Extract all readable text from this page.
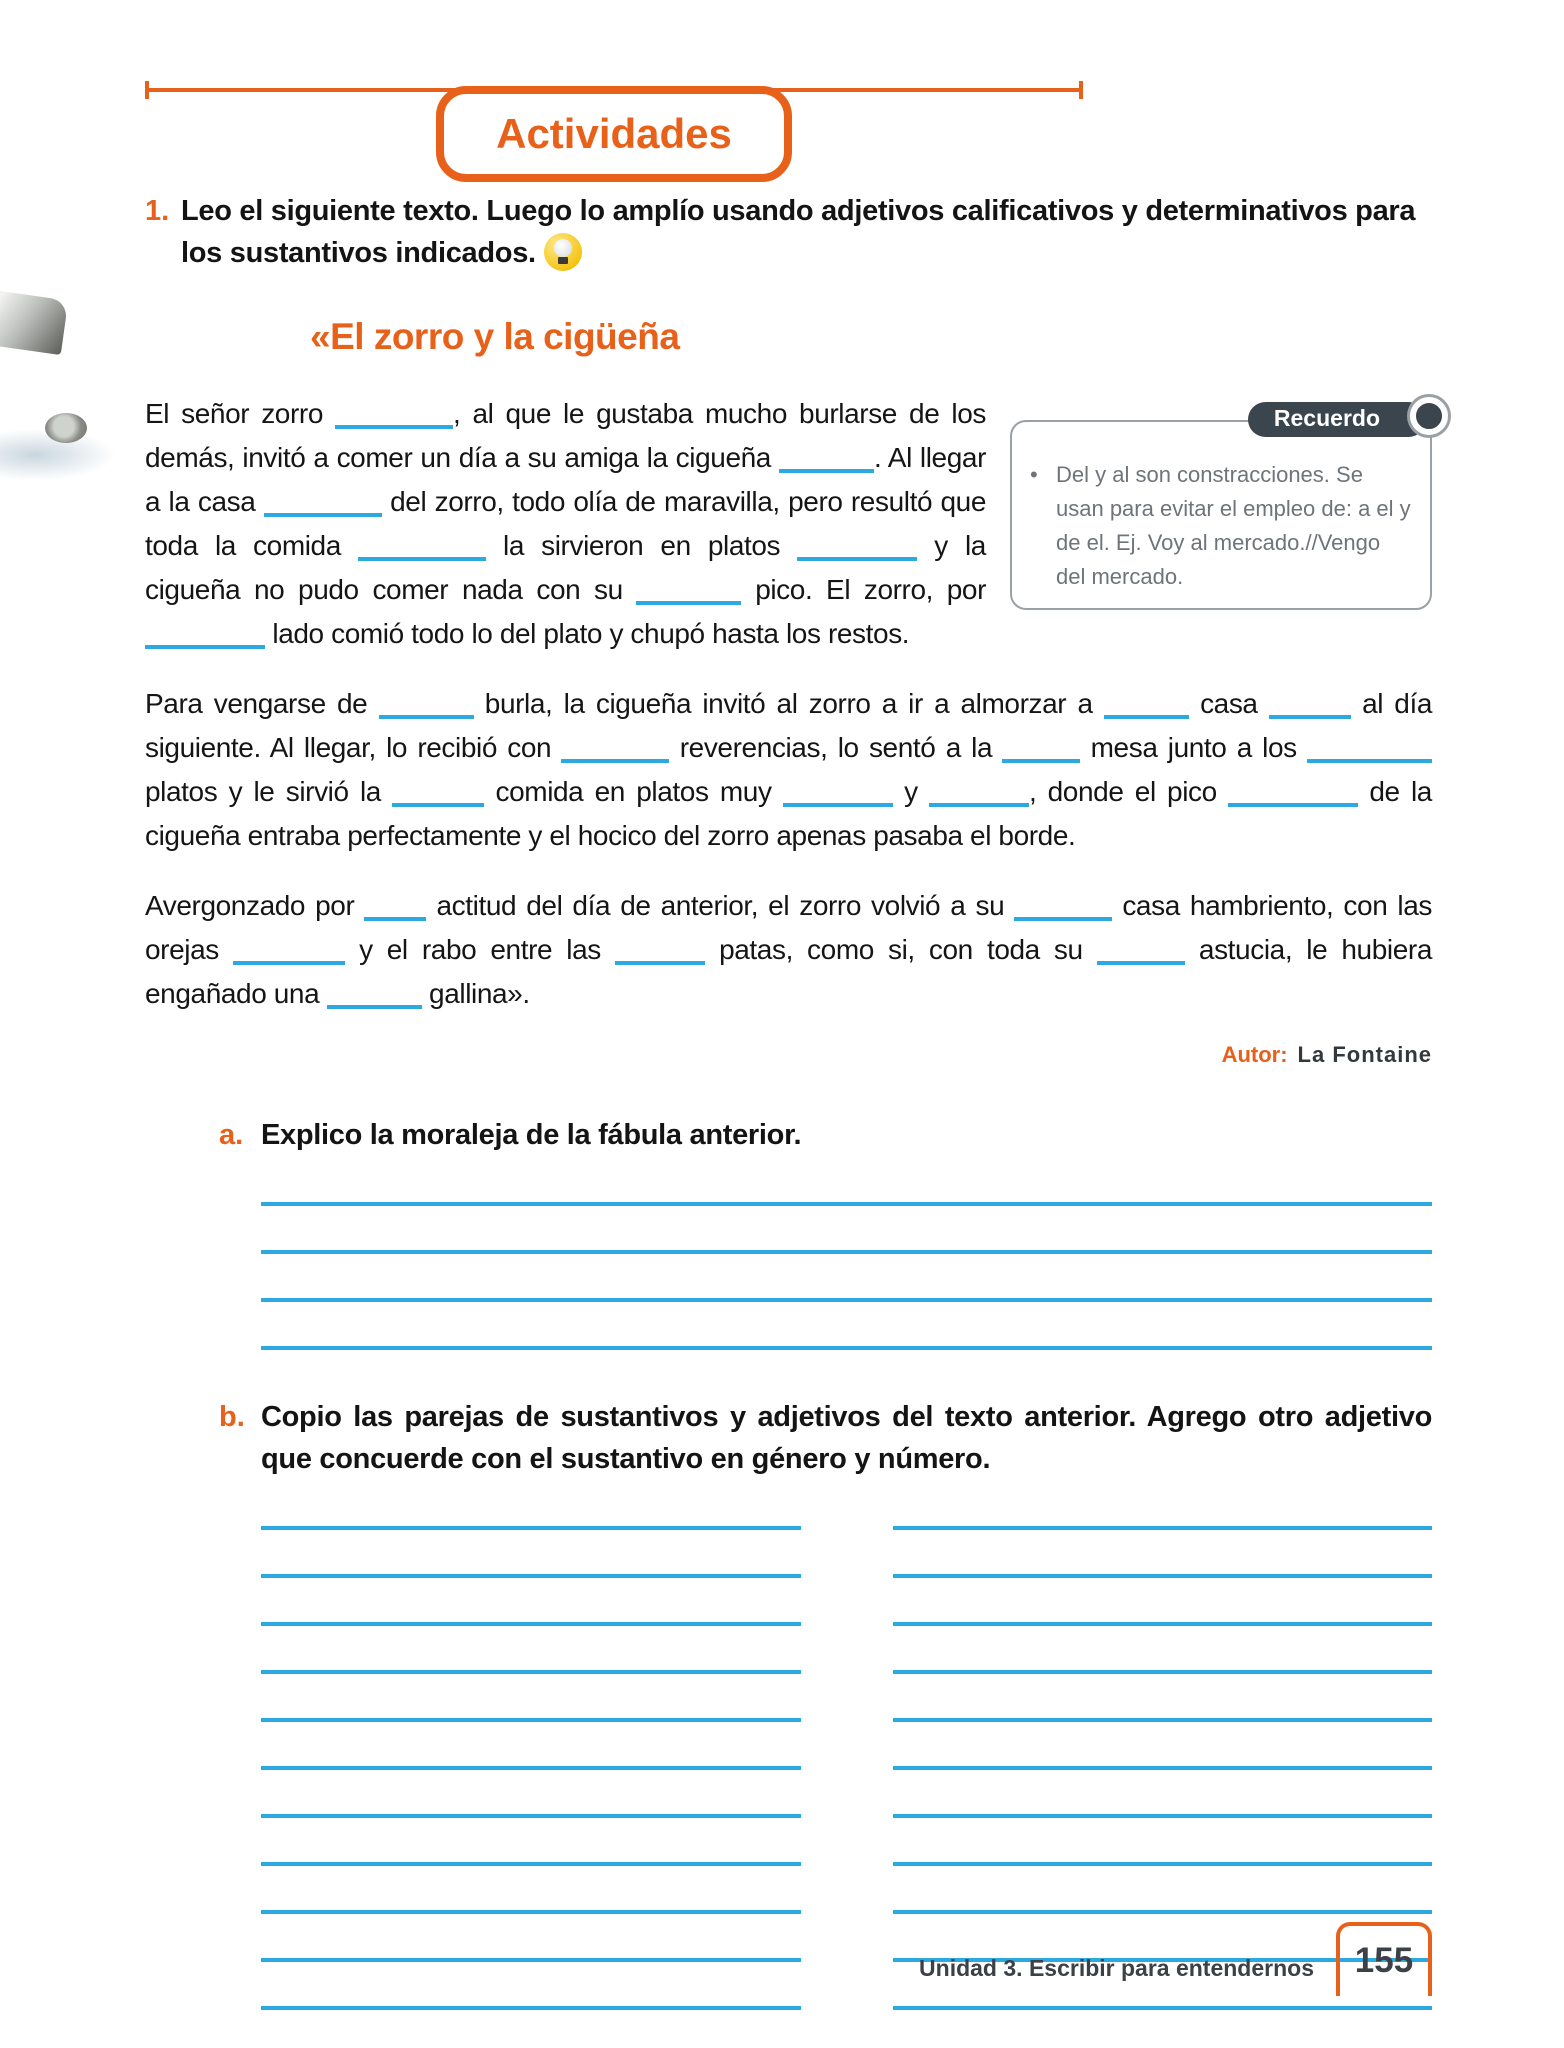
Actividades
1. Leo el siguiente texto. Luego lo amplío usando adjetivos calificativos y determinativos para los sustantivos indicados.
«El zorro y la cigüeña
Recuerdo
• Del y al son constracciones. Se usan para evitar el empleo de: a el y de el. Ej. Voy al mercado.//Vengo del mercado.

El señor zorro	, al que le gustaba mucho burlarse de los demás, invitó a comer un día a su amiga la cigueña	. Al llegar a la casa	del zorro, todo olía de maravilla, pero resultó que toda la comida	la sirvieron en platos	y la cigueña no pudo comer nada con su	pico. El zorro, por  lado comió todo lo del plato y chupó hasta los restos.

Para vengarse de	burla, la cigueña invitó al zorro a ir a almorzar a	casa	al día siguiente. Al llegar, lo recibió con	reverencias, lo sentó a la	mesa junto a los  platos y le sirvió la	comida en platos muy	y	, donde el pico	de la cigueña entraba perfectamente y el hocico del zorro apenas pasaba el borde.

Avergonzado por  actitud del día de anterior, el zorro volvió a su	casa hambriento, con las orejas	y el rabo entre las	patas, como si, con toda su	astucia, le hubiera engañado una	gallina».

Autor: La Fontaine

a. Explico la moraleja de la fábula anterior.
b. Copio las parejas de sustantivos y adjetivos del texto anterior. Agrego otro adjetivo que concuerde con el sustantivo en género y número.

Unidad 3. Escribir para entendernos 155
